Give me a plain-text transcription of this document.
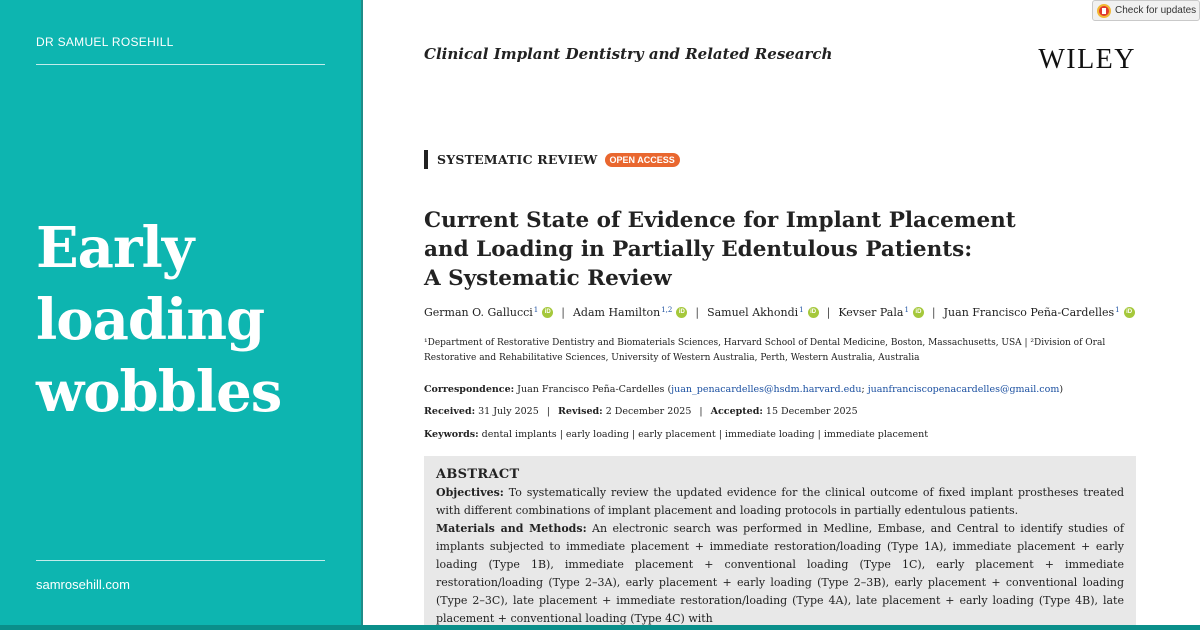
DR SAMUEL ROSEHILL
Early
loading
wobbles
samrosehill.com
Check for updates
Clinical Implant Dentistry and Related Research	WILEY
SYSTEMATIC REVIEW	OPEN ACCESS
Current State of Evidence for Implant Placement
and Loading in Partially Edentulous Patients:
A Systematic Review
German O. Gallucci$^1$	iD | Adam Hamilton$^{1,2}$	iD | Samuel Akhondi$^1$	iD | Kevser Pala$^1$	iD | Juan Francisco Peña-Cardelles$^1$	iD
¹Department of Restorative Dentistry and Biomaterials Sciences, Harvard School of Dental Medicine, Boston, Massachusetts, USA | ²Division of Oral Restorative and Rehabilitative Sciences, University of Western Australia, Perth, Western Australia, Australia
Correspondence: Juan Francisco Peña-Cardelles (juan_penacardelles@hsdm.harvard.edu; juanfranciscopenacardelles@gmail.com)
Received: 31 July 2025 | Revised: 2 December 2025 | Accepted: 15 December 2025
Keywords: dental implants | early loading | early placement | immediate loading | immediate placement
ABSTRACT
Objectives: To systematically review the updated evidence for the clinical outcome of fixed implant prostheses treated with different combinations of implant placement and loading protocols in partially edentulous patients.
Materials and Methods: An electronic search was performed in Medline, Embase, and Central to identify studies of implants subjected to immediate placement + immediate restoration/loading (Type 1A), immediate placement + early loading (Type 1B), immediate placement + conventional loading (Type 1C), early placement + immediate restoration/loading (Type 2–3A), early placement + early loading (Type 2–3B), early placement + conventional loading (Type 2–3C), late placement + immediate restoration/loading (Type 4A), late placement + early loading (Type 4B), late placement + conventional loading (Type 4C) with
